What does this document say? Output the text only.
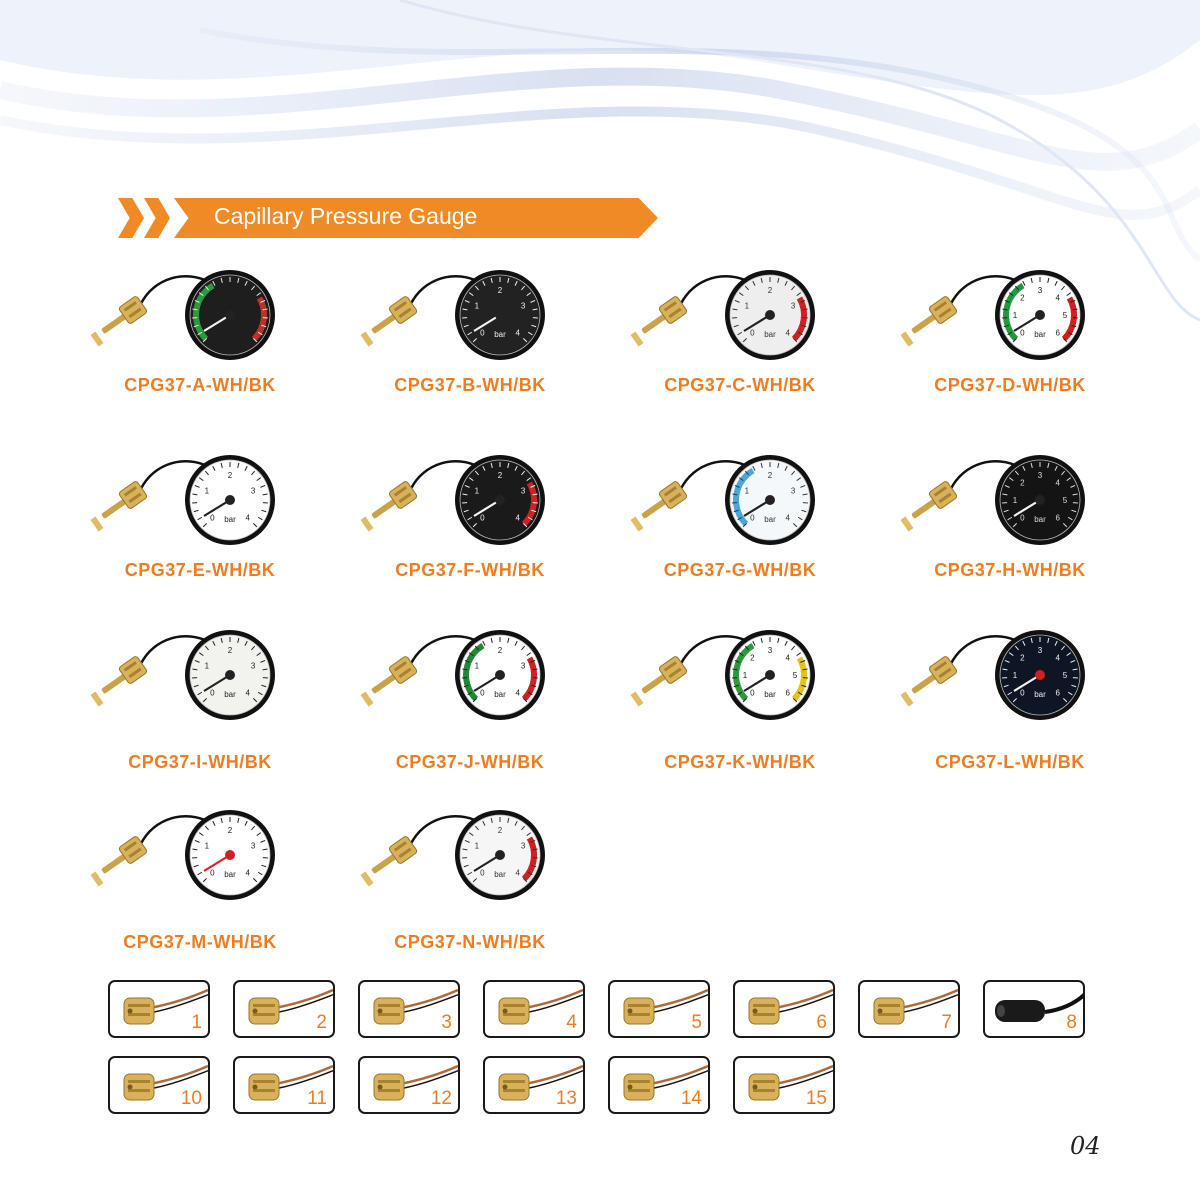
Capillary Pressure Gauge
CPG37-A-WH/BK
0
1
2
3
4
bar
CPG37-B-WH/BK
0
1
2
3
4
bar
CPG37-C-WH/BK
0
1
2
3
4
5
6
bar
CPG37-D-WH/BK
0
1
2
3
4
bar
CPG37-E-WH/BK
0
1
2
3
4
CPG37-F-WH/BK
0
1
2
3
4
bar
CPG37-G-WH/BK
0
1
2
3
4
5
6
bar
CPG37-H-WH/BK
0
1
2
3
4
bar
CPG37-I-WH/BK
0
1
2
3
4
bar
CPG37-J-WH/BK
0
1
2
3
4
5
6
bar
CPG37-K-WH/BK
0
1
2
3
4
5
6
bar
CPG37-L-WH/BK
0
1
2
3
4
bar
CPG37-M-WH/BK
0
1
2
3
4
bar
CPG37-N-WH/BK
1	2	3	4	5	6	7	8
10	11	12	13	14	15
04
